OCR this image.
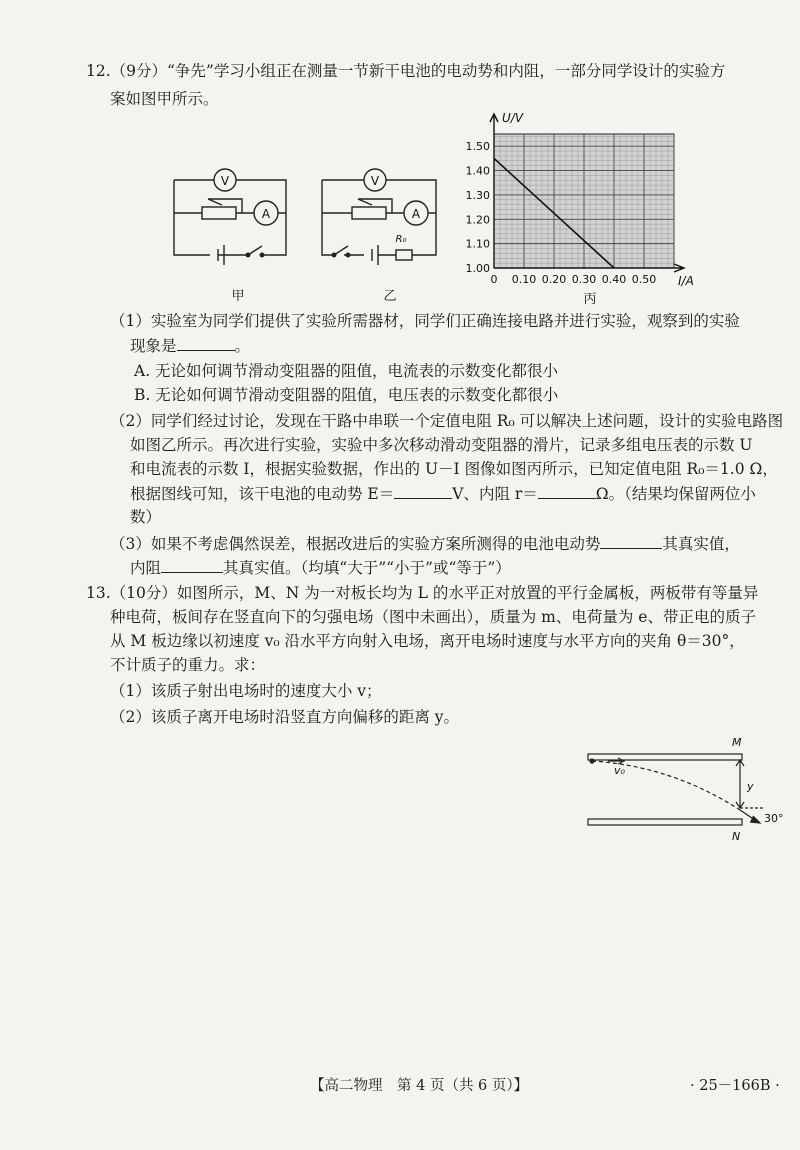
12.（9分）“争先”学习小组正在测量一节新干电池的电动势和内阻，一部分同学设计的实验方
案如图甲所示。
V
A
V
A
R₀
甲	乙
1.50
1.40
1.30
1.20
1.10
1.00
0 0.10 0.20 0.30 0.40 0.50
U/V
I/A
丙
（1）实验室为同学们提供了实验所需器材，同学们正确连接电路并进行实验，观察到的实验
现象是	。
A. 无论如何调节滑动变阻器的阻值，电流表的示数变化都很小
B. 无论如何调节滑动变阻器的阻值，电压表的示数变化都很小
（2）同学们经过讨论，发现在干路中串联一个定值电阻 R₀ 可以解决上述问题，设计的实验电路图
如图乙所示。再次进行实验，实验中多次移动滑动变阻器的滑片，记录多组电压表的示数 U
和电流表的示数 I，根据实验数据，作出的 U－I 图像如图丙所示，已知定值电阻 R₀＝1.0 Ω，
根据图线可知，该干电池的电动势 E＝	V、内阻 r＝	Ω。（结果均保留两位小
数）
（3）如果不考虑偶然误差，根据改进后的实验方案所测得的电池电动势	其真实值，
内阻	其真实值。（均填“大于”“小于”或“等于”）
13.（10分）如图所示，M、N 为一对板长均为 L 的水平正对放置的平行金属板，两板带有等量异
种电荷，板间存在竖直向下的匀强电场（图中未画出），质量为 m、电荷量为 e、带正电的质子
从 M 板边缘以初速度 v₀ 沿水平方向射入电场，离开电场时速度与水平方向的夹角 θ＝30°，
不计质子的重力。求：
（1）该质子射出电场时的速度大小 v；
（2）该质子离开电场时沿竖直方向偏移的距离 y。
M
N
v₀
y
30°
【高二物理　第 4 页（共 6 页）】	· 25－166B ·
